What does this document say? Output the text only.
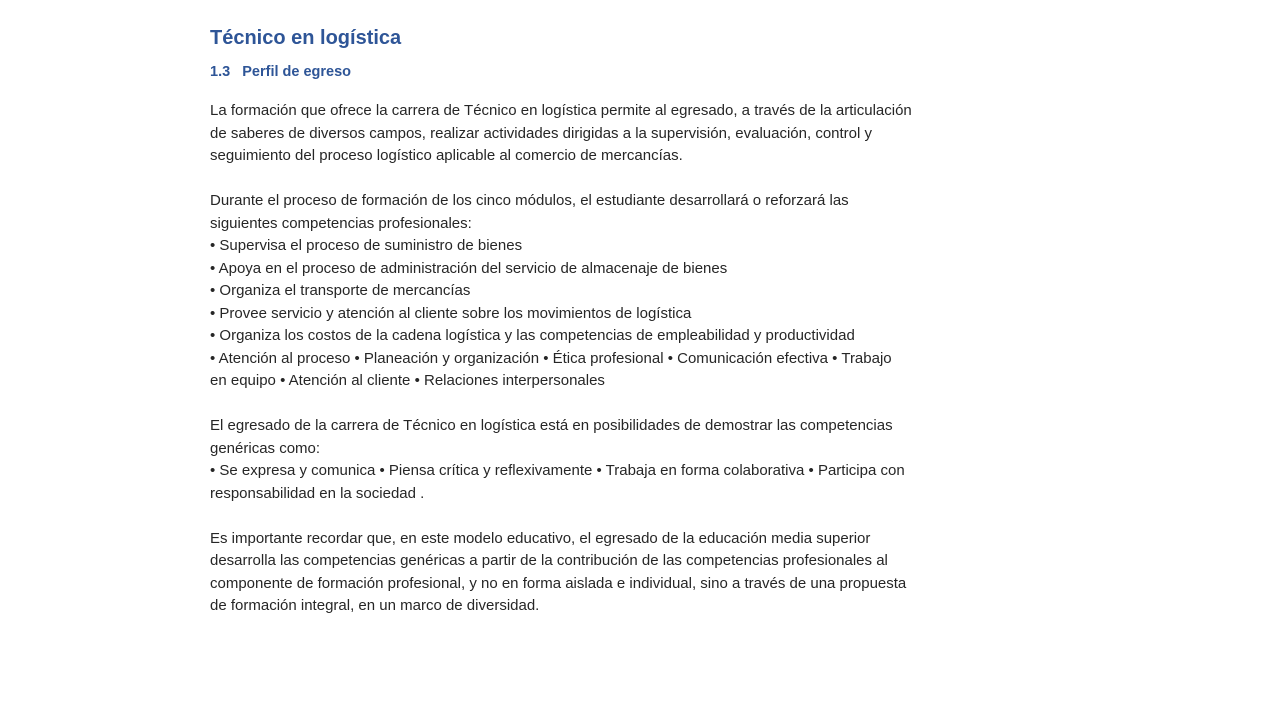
Técnico en logística
1.3   Perfil de egreso
La formación que ofrece la carrera de Técnico en logística permite al egresado, a través de la articulación
de saberes de diversos campos, realizar actividades dirigidas a la supervisión, evaluación, control y
seguimiento del proceso logístico aplicable al comercio de mercancías.
Durante el proceso de formación de los cinco módulos, el estudiante desarrollará o reforzará las
siguientes competencias profesionales:
• Supervisa el proceso de suministro de bienes
• Apoya en el proceso de administración del servicio de almacenaje de bienes
• Organiza el transporte de mercancías
• Provee servicio y atención al cliente sobre los movimientos de logística
• Organiza los costos de la cadena logística y las competencias de empleabilidad y productividad
• Atención al proceso • Planeación y organización • Ética profesional • Comunicación efectiva • Trabajo
en equipo • Atención al cliente • Relaciones interpersonales
El egresado de la carrera de Técnico en logística está en posibilidades de demostrar las competencias
genéricas como:
• Se expresa y comunica • Piensa crítica y reflexivamente • Trabaja en forma colaborativa • Participa con
responsabilidad en la sociedad .
Es importante recordar que, en este modelo educativo, el egresado de la educación media superior
desarrolla las competencias genéricas a partir de la contribución de las competencias profesionales al
componente de formación profesional, y no en forma aislada e individual, sino a través de una propuesta
de formación integral, en un marco de diversidad.
